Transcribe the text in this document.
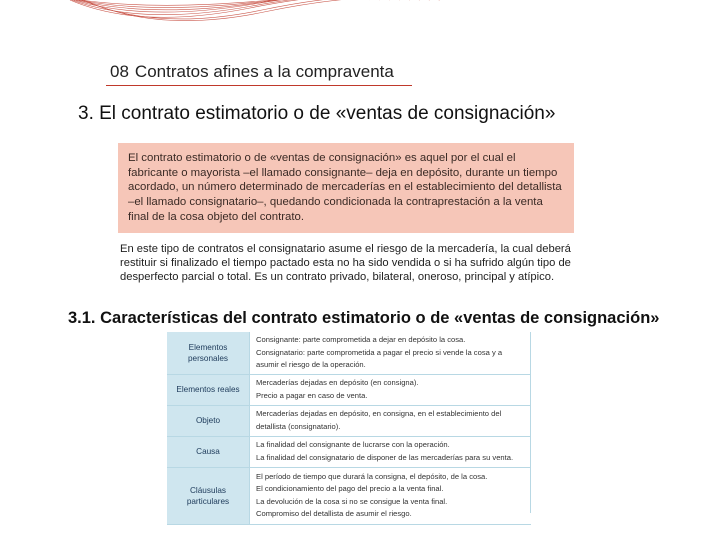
08 Contratos afines a la compraventa
3. El contrato estimatorio o de «ventas de consignación»
El contrato estimatorio o de «ventas de consignación» es aquel por el cual el fabricante o mayorista –el llamado consignante– deja en depósito, durante un tiempo acordado, un número determinado de mercaderías en el establecimiento del detallista –el llamado consignatario–, quedando condicionada la contraprestación a la venta final de la cosa objeto del contrato.
En este tipo de contratos el consignatario asume el riesgo de la mercadería, la cual deberá restituir si finalizado el tiempo pactado esta no ha sido vendida o si ha sufrido algún tipo de desperfecto parcial o total. Es un contrato privado, bilateral, oneroso, principal y atípico.
3.1. Características del contrato estimatorio o de «ventas de consignación»
Elementos personales	Consignante: parte comprometida a dejar en depósito la cosa.
Consignatario: parte comprometida a pagar el precio si vende la cosa y a asumir el riesgo de la operación.

Elementos reales	Mercaderías dejadas en depósito (en consigna).
Precio a pagar en caso de venta.

Objeto	Mercaderías dejadas en depósito, en consigna, en el establecimiento del detallista (consignatario).

Causa	La finalidad del consignante de lucrarse con la operación.
La finalidad del consignatario de disponer de las mercaderías para su venta.

Cláusulas particulares	El período de tiempo que durará la consigna, el depósito, de la cosa.
El condicionamiento del pago del precio a la venta final.
La devolución de la cosa si no se consigue la venta final.
Compromiso del detallista de asumir el riesgo.
